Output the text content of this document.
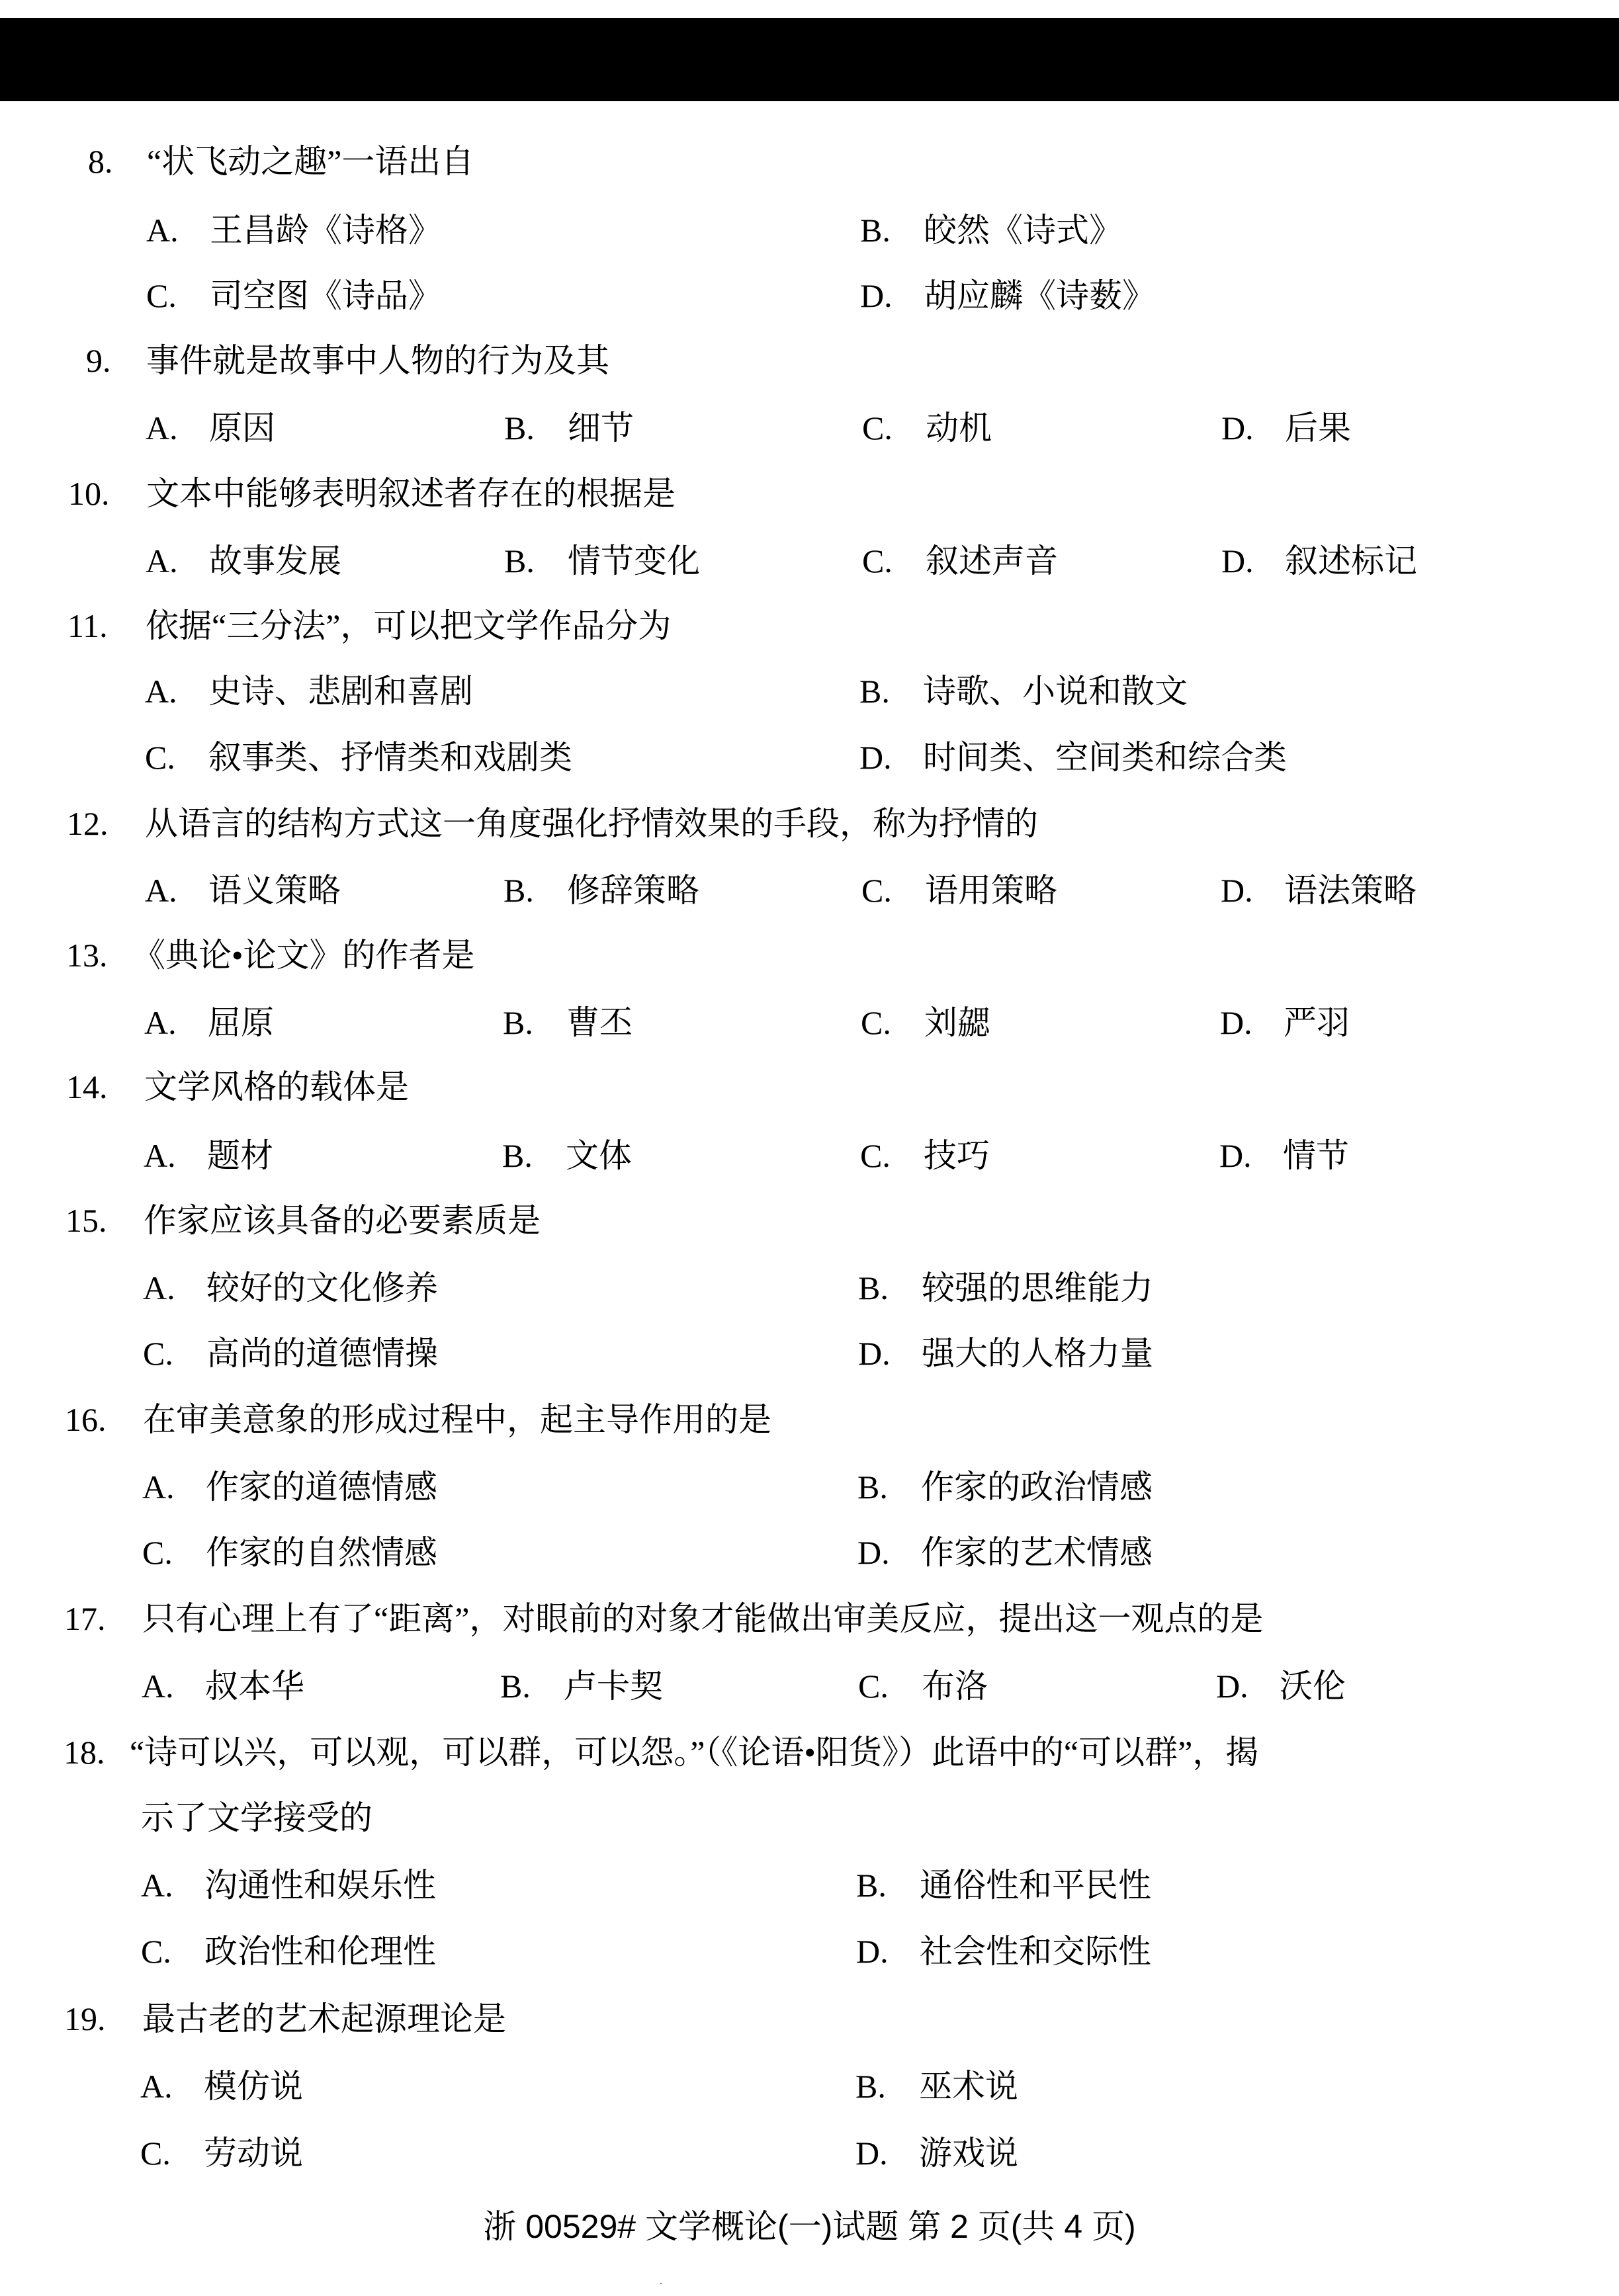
8. “状飞动之趣”一语出自
A. 王昌龄《诗格》	B. 皎然《诗式》
C. 司空图《诗品》	D. 胡应麟《诗薮》
9. 事件就是故事中人物的行为及其
A. 原因	B. 细节	C. 动机	D. 后果
10. 文本中能够表明叙述者存在的根据是
A. 故事发展	B. 情节变化	C. 叙述声音	D. 叙述标记
11. 依据“三分法”，可以把文学作品分为
A. 史诗、悲剧和喜剧	B. 诗歌、小说和散文
C. 叙事类、抒情类和戏剧类	D. 时间类、空间类和综合类
12. 从语言的结构方式这一角度强化抒情效果的手段，称为抒情的
A. 语义策略	B. 修辞策略	C. 语用策略	D. 语法策略
13. 《典论•论文》的作者是
A. 屈原	B. 曹丕	C. 刘勰	D. 严羽
14. 文学风格的载体是
A. 题材	B. 文体	C. 技巧	D. 情节
15. 作家应该具备的必要素质是
A. 较好的文化修养	B. 较强的思维能力
C. 高尚的道德情操	D. 强大的人格力量
16. 在审美意象的形成过程中，起主导作用的是
A. 作家的道德情感	B. 作家的政治情感
C. 作家的自然情感	D. 作家的艺术情感
17. 只有心理上有了“距离”，对眼前的对象才能做出审美反应，提出这一观点的是
A. 叔本华	B. 卢卡契	C. 布洛	D. 沃伦
18. “诗可以兴，可以观，可以群，可以怨。”（《论语•阳货》）此语中的“可以群”，揭
示了文学接受的
A. 沟通性和娱乐性	B. 通俗性和平民性
C. 政治性和伦理性	D. 社会性和交际性
19. 最古老的艺术起源理论是
A. 模仿说	B. 巫术说
C. 劳动说	D. 游戏说
浙 00529# 文学概论(一)试题 第 2 页(共 4 页)
